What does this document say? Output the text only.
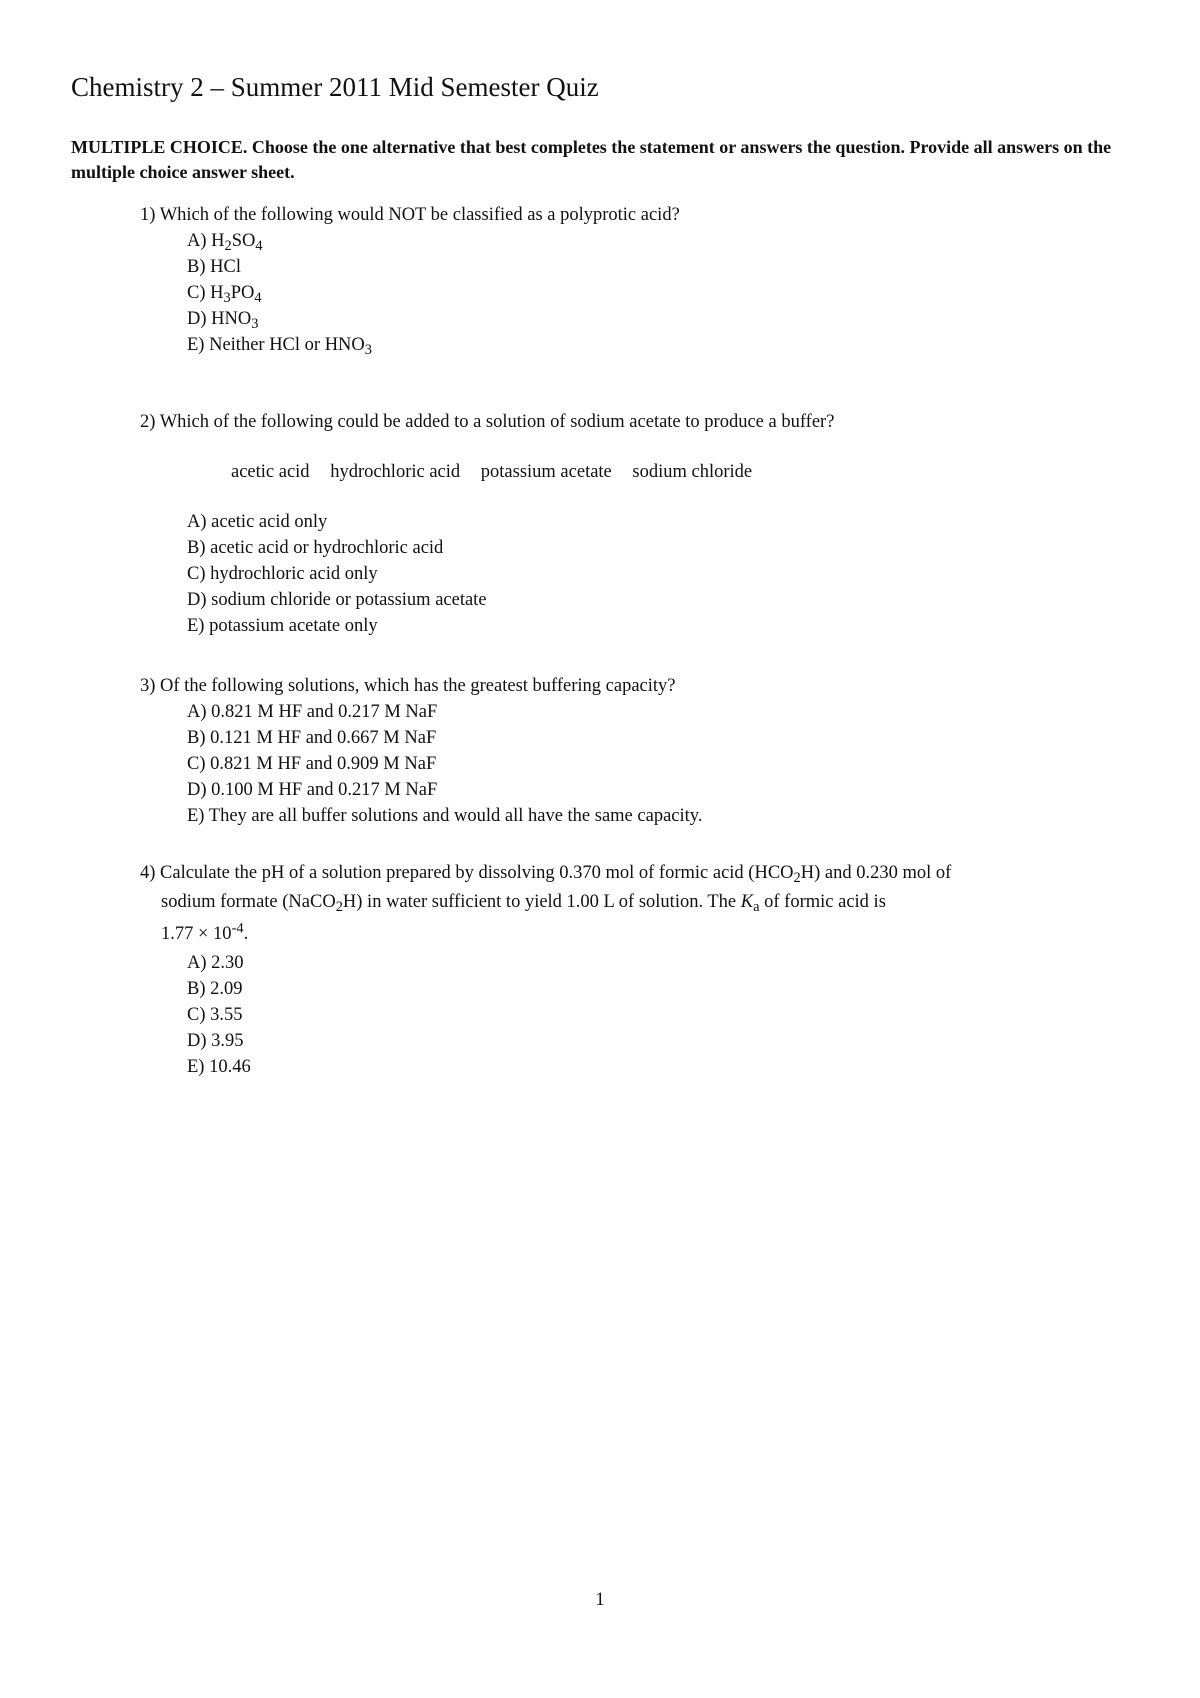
Chemistry 2 – Summer 2011 Mid Semester Quiz
MULTIPLE CHOICE. Choose the one alternative that best completes the statement or answers the question. Provide all answers on the multiple choice answer sheet.
1) Which of the following would NOT be classified as a polyprotic acid?
A) $H_2SO_4$
B) HCl
C) $H_3PO_4$
D) $HNO_3$
E) Neither HCl or $HNO_3$
2) Which of the following could be added to a solution of sodium acetate to produce a buffer?
acetic acid hydrochloric acid potassium acetate sodium chloride
A) acetic acid only
B) acetic acid or hydrochloric acid
C) hydrochloric acid only
D) sodium chloride or potassium acetate
E) potassium acetate only
3) Of the following solutions, which has the greatest buffering capacity?
A) 0.821 M HF and 0.217 M NaF
B) 0.121 M HF and 0.667 M NaF
C) 0.821 M HF and 0.909 M NaF
D) 0.100 M HF and 0.217 M NaF
E) They are all buffer solutions and would all have the same capacity.
4) Calculate the pH of a solution prepared by dissolving 0.370 mol of formic acid $(HCO_2H)$ and 0.230 mol of
sodium formate (NaCO$_2$H) in water sufficient to yield 1.00 L of solution. The $K_a$ of formic acid is
$1.77 \times 10^{-4}$.
A) 2.30
B) 2.09
C) 3.55
D) 3.95
E) 10.46
1
